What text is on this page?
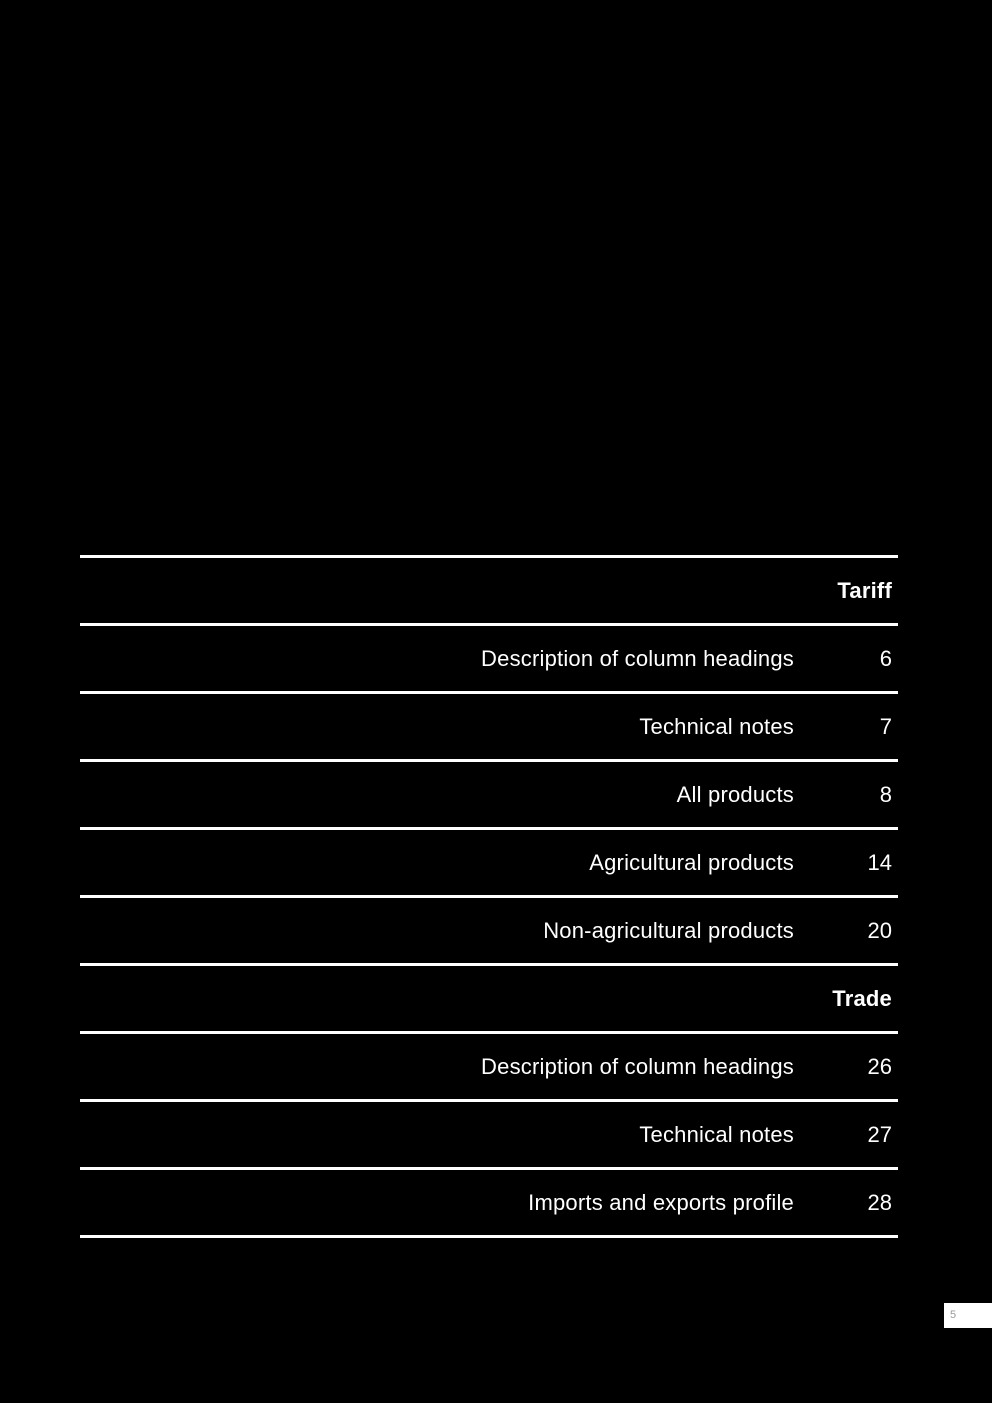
Tariff
Description of column headings	6
Technical notes	7
All products	8
Agricultural products	14
Non-agricultural products	20
Trade
Description of column headings	26
Technical notes	27
Imports and exports profile	28
5
